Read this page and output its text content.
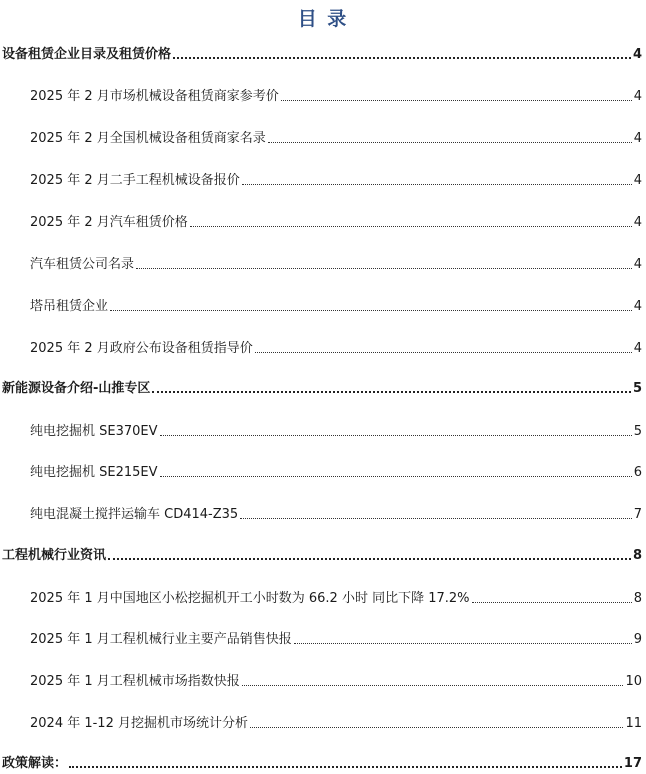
目 录
设备租赁企业目录及租赁价格	4
2025 年 2 月市场机械设备租赁商家参考价	4
2025 年 2 月全国机械设备租赁商家名录	4
2025 年 2 月二手工程机械设备报价	4
2025 年 2 月汽车租赁价格	4
汽车租赁公司名录	4
塔吊租赁企业	4
2025 年 2 月政府公布设备租赁指导价	4
新能源设备介绍-山推专区	5
纯电挖掘机 SE370EV	5
纯电挖掘机 SE215EV	6
纯电混凝土搅拌运输车 CD414-Z35	7
工程机械行业资讯	8
2025 年 1 月中国地区小松挖掘机开工小时数为 66.2 小时 同比下降 17.2%	8
2025 年 1 月工程机械行业主要产品销售快报	9
2025 年 1 月工程机械市场指数快报	10
2024 年 1-12 月挖掘机市场统计分析	11
政策解读：	17
